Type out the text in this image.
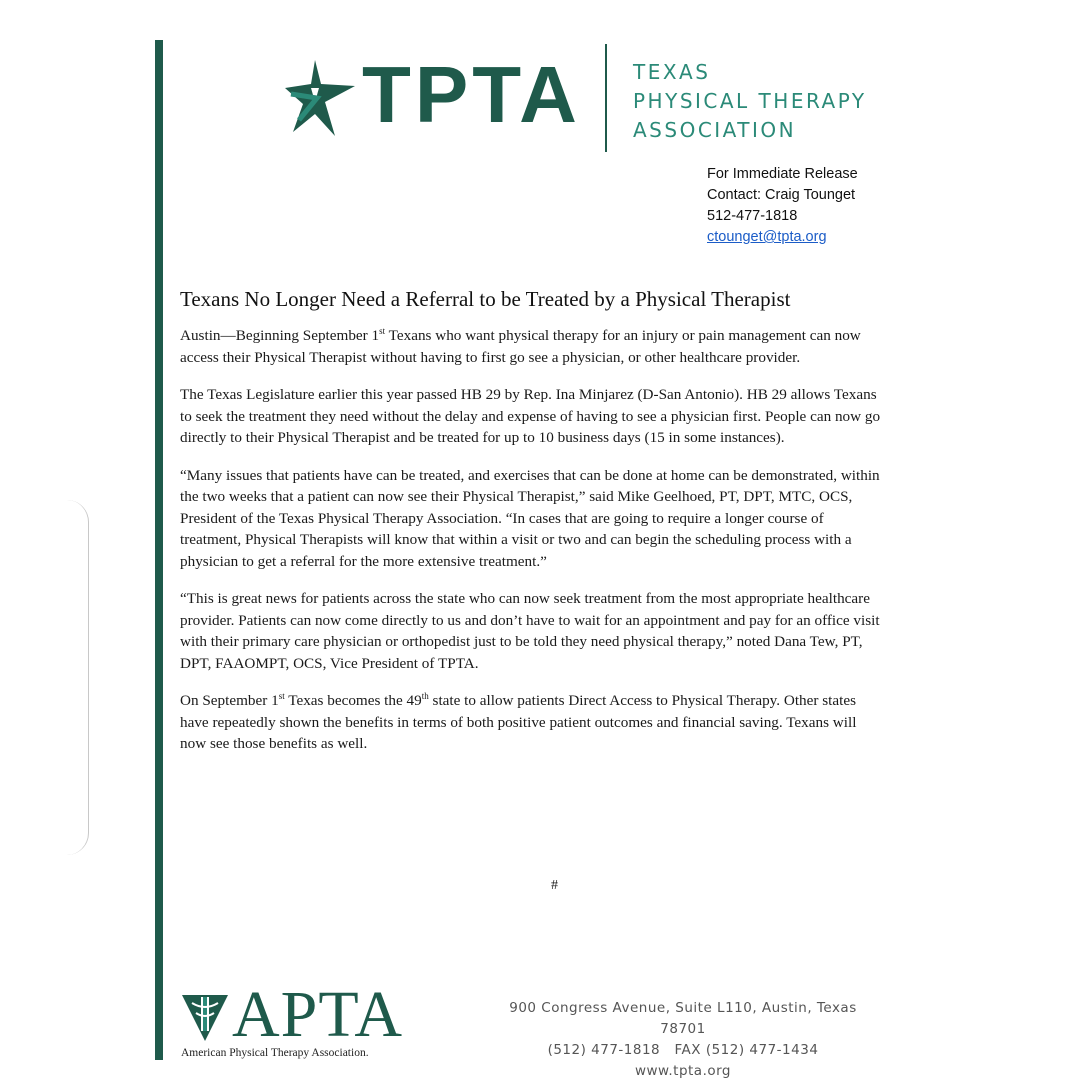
TPTA	TEXAS
PHYSICAL THERAPY
ASSOCIATION
For Immediate Release
Contact: Craig Tounget
512-477-1818
ctounget@tpta.org
Texans No Longer Need a Referral to be Treated by a Physical Therapist

Austin—Beginning September 1st Texans who want physical therapy for an injury or pain management can now access their Physical Therapist without having to first go see a physician, or other healthcare provider.

The Texas Legislature earlier this year passed HB 29 by Rep. Ina Minjarez (D-San Antonio). HB 29 allows Texans to seek the treatment they need without the delay and expense of having to see a physician first. People can now go directly to their Physical Therapist and be treated for up to 10 business days (15 in some instances).

“Many issues that patients have can be treated, and exercises that can be done at home can be demonstrated, within the two weeks that a patient can now see their Physical Therapist,” said Mike Geelhoed, PT, DPT, MTC, OCS, President of the Texas Physical Therapy Association. “In cases that are going to require a longer course of treatment, Physical Therapists will know that within a visit or two and can begin the scheduling process with a physician to get a referral for the more extensive treatment.”

“This is great news for patients across the state who can now seek treatment from the most appropriate healthcare provider. Patients can now come directly to us and don’t have to wait for an appointment and pay for an office visit with their primary care physician or orthopedist just to be told they need physical therapy,” noted Dana Tew, PT, DPT, FAAOMPT, OCS, Vice President of TPTA.

On September 1st Texas becomes the 49th state to allow patients Direct Access to Physical Therapy. Other states have repeatedly shown the benefits in terms of both positive patient outcomes and financial saving. Texans will now see those benefits as well.

#
APTA
American Physical Therapy Association.
900 Congress Avenue, Suite L110, Austin, Texas 78701
(512) 477-1818   FAX (512) 477-1434
www.tpta.org
